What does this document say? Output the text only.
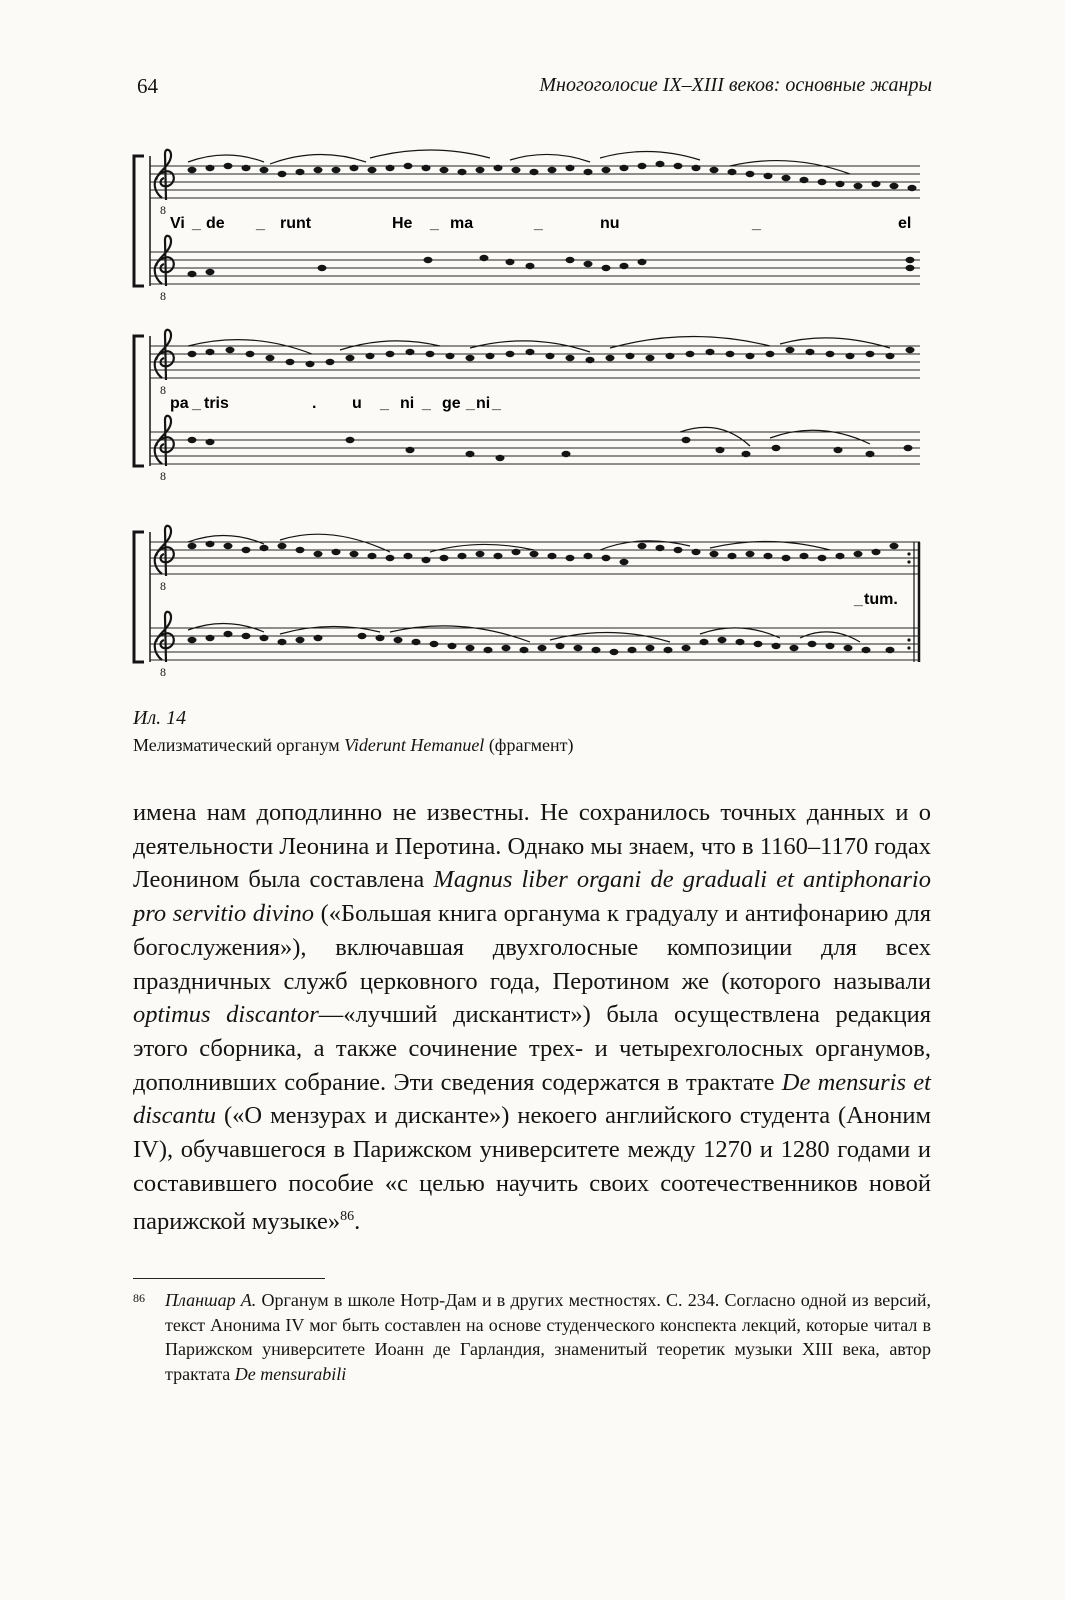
64	Многоголосие IX–XIII веков: основные жанры
8
Vi _ de _ runt	He _ ma	_	nu	_	el
pa _ tris	. u _ ni _ ge _ ni _
_ tum.
Ил. 14
Мелизматический органум Viderunt Hemanuel (фрагмент)
имена нам доподлинно не известны. Не сохранилось точных данных и о деятельности Леонина и Перотина. Однако мы знаем, что в 1160–1170 годах Леонином была составлена Magnus liber organi de graduali et antiphonario pro servitio divino («Большая книга органума к градуалу и антифонарию для богослужения»), включавшая двухголосные композиции для всех праздничных служб церковного года, Перотином же (которого называли optimus discantor—«лучший дискантист») была осуществлена редакция этого сборника, а также сочинение трех- и четырехголосных органумов, дополнивших собрание. Эти сведения содержатся в трактате De mensuris et discantu («О мензурах и дисканте») некоего английского студента (Аноним IV), обучавшегося в Парижском университете между 1270 и 1280 годами и составившего пособие «с целью научить своих соотечественников новой парижской музыке»$^{86}$.
86	Планшар А. Органум в школе Нотр-Дам и в других местностях. С. 234. Согласно одной из версий, текст Анонима IV мог быть составлен на основе студенческого конспекта лекций, которые читал в Парижском университете Иоанн де Гарландия, знаменитый теоретик музыки XIII века, автор трактата De mensurabili
